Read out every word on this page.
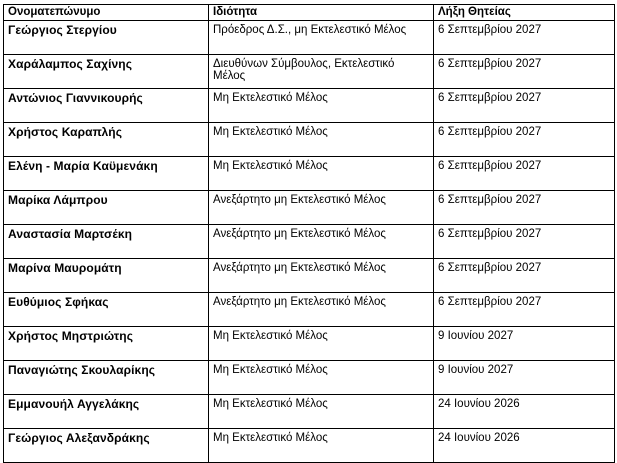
Ονοματεπώνυμο	Ιδιότητα	Λήξη Θητείας
Γεώργιος Στεργίου	Πρόεδρος Δ.Σ., μη Εκτελεστικό Μέλος	6 Σεπτεμβρίου 2027
Χαράλαμπος Σαχίνης	Διευθύνων Σύμβουλος, Εκτελεστικό Μέλος	6 Σεπτεμβρίου 2027
Αντώνιος Γιαννικουρής	Μη Εκτελεστικό Μέλος	6 Σεπτεμβρίου 2027
Χρήστος Καραπλής	Μη Εκτελεστικό Μέλος	6 Σεπτεμβρίου 2027
Ελένη - Μαρία Καϋμενάκη	Μη Εκτελεστικό Μέλος	6 Σεπτεμβρίου 2027
Μαρίκα Λάμπρου	Ανεξάρτητο μη Εκτελεστικό Μέλος	6 Σεπτεμβρίου 2027
Αναστασία Μαρτσέκη	Ανεξάρτητο μη Εκτελεστικό Μέλος	6 Σεπτεμβρίου 2027
Μαρίνα Μαυρομάτη	Ανεξάρτητο μη Εκτελεστικό Μέλος	6 Σεπτεμβρίου 2027
Ευθύμιος Σφήκας	Ανεξάρτητο μη Εκτελεστικό Μέλος	6 Σεπτεμβρίου 2027
Χρήστος Μηστριώτης	Μη Εκτελεστικό Μέλος	9 Ιουνίου 2027
Παναγιώτης Σκουλαρίκης	Μη Εκτελεστικό Μέλος	9 Ιουνίου 2027
Εμμανουήλ Αγγελάκης	Μη Εκτελεστικό Μέλος	24 Ιουνίου 2026
Γεώργιος Αλεξανδράκης	Μη Εκτελεστικό Μέλος	24 Ιουνίου 2026
